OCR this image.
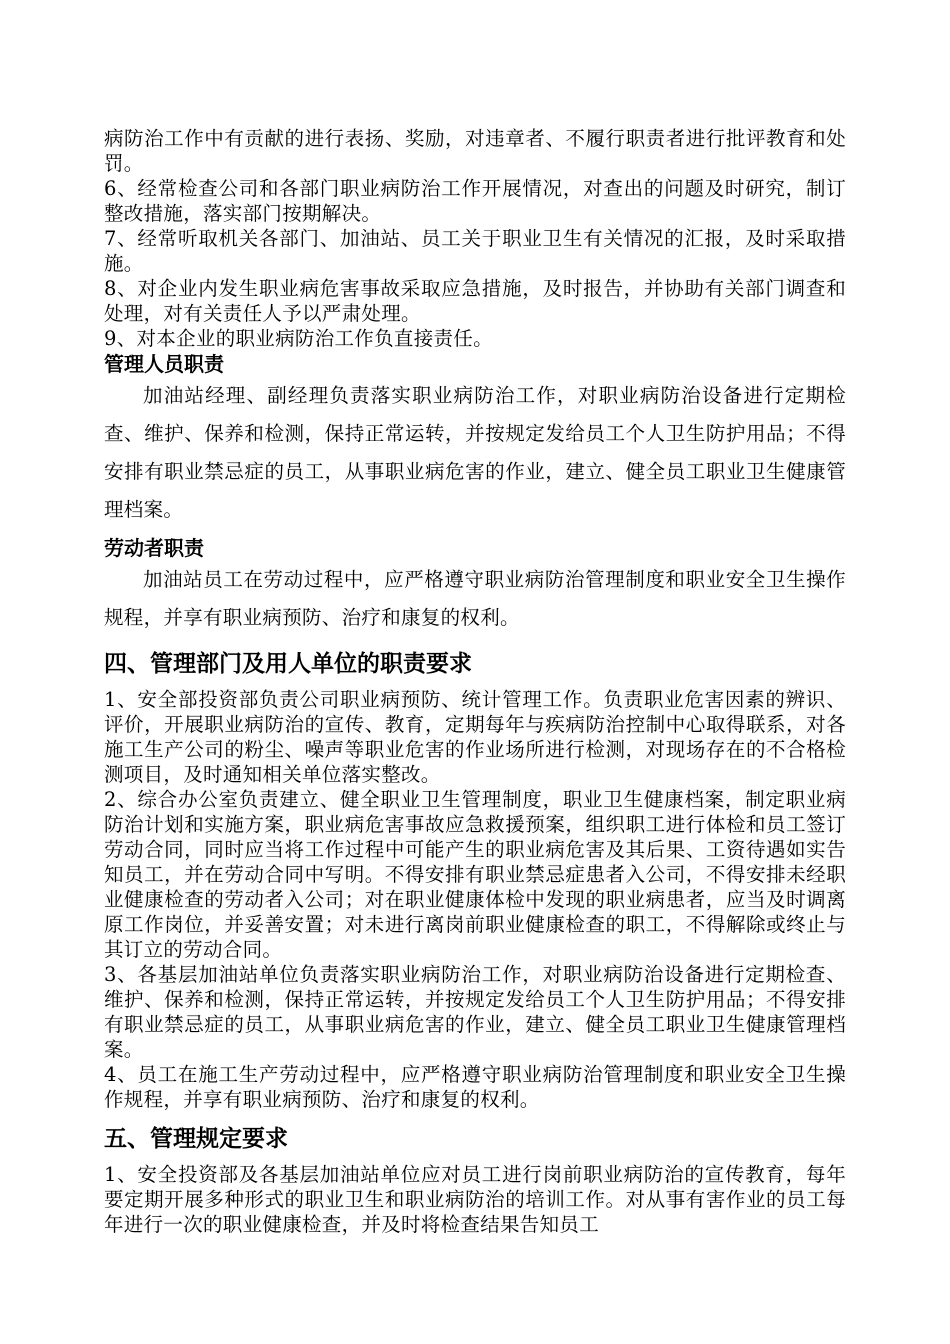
病防治工作中有贡献的进行表扬、奖励，对违章者、不履行职责者进行批评教育和处罚。

6、经常检查公司和各部门职业病防治工作开展情况，对查出的问题及时研究，制订整改措施，落实部门按期解决。

7、经常听取机关各部门、加油站、员工关于职业卫生有关情况的汇报，及时采取措施。

8、对企业内发生职业病危害事故采取应急措施，及时报告，并协助有关部门调查和处理，对有关责任人予以严肃处理。

9、对本企业的职业病防治工作负直接责任。

管理人员职责

加油站经理、副经理负责落实职业病防治工作，对职业病防治设备进行定期检查、维护、保养和检测，保持正常运转，并按规定发给员工个人卫生防护用品；不得安排有职业禁忌症的员工，从事职业病危害的作业，建立、健全员工职业卫生健康管理档案。

劳动者职责

加油站员工在劳动过程中，应严格遵守职业病防治管理制度和职业安全卫生操作规程，并享有职业病预防、治疗和康复的权利。

四、管理部门及用人单位的职责要求

1、安全部投资部负责公司职业病预防、统计管理工作。负责职业危害因素的辨识、评价，开展职业病防治的宣传、教育，定期每年与疾病防治控制中心取得联系，对各施工生产公司的粉尘、噪声等职业危害的作业场所进行检测，对现场存在的不合格检测项目，及时通知相关单位落实整改。

2、综合办公室负责建立、健全职业卫生管理制度，职业卫生健康档案，制定职业病防治计划和实施方案，职业病危害事故应急救援预案，组织职工进行体检和员工签订劳动合同，同时应当将工作过程中可能产生的职业病危害及其后果、工资待遇如实告知员工，并在劳动合同中写明。不得安排有职业禁忌症患者入公司，不得安排未经职业健康检查的劳动者入公司；对在职业健康体检中发现的职业病患者，应当及时调离原工作岗位，并妥善安置；对未进行离岗前职业健康检查的职工，不得解除或终止与其订立的劳动合同。

3、各基层加油站单位负责落实职业病防治工作，对职业病防治设备进行定期检查、维护、保养和检测，保持正常运转，并按规定发给员工个人卫生防护用品；不得安排有职业禁忌症的员工，从事职业病危害的作业，建立、健全员工职业卫生健康管理档案。

4、员工在施工生产劳动过程中，应严格遵守职业病防治管理制度和职业安全卫生操作规程，并享有职业病预防、治疗和康复的权利。

五、管理规定要求

1、安全投资部及各基层加油站单位应对员工进行岗前职业病防治的宣传教育，每年要定期开展多种形式的职业卫生和职业病防治的培训工作。对从事有害作业的员工每年进行一次的职业健康检查，并及时将检查结果告知员工
